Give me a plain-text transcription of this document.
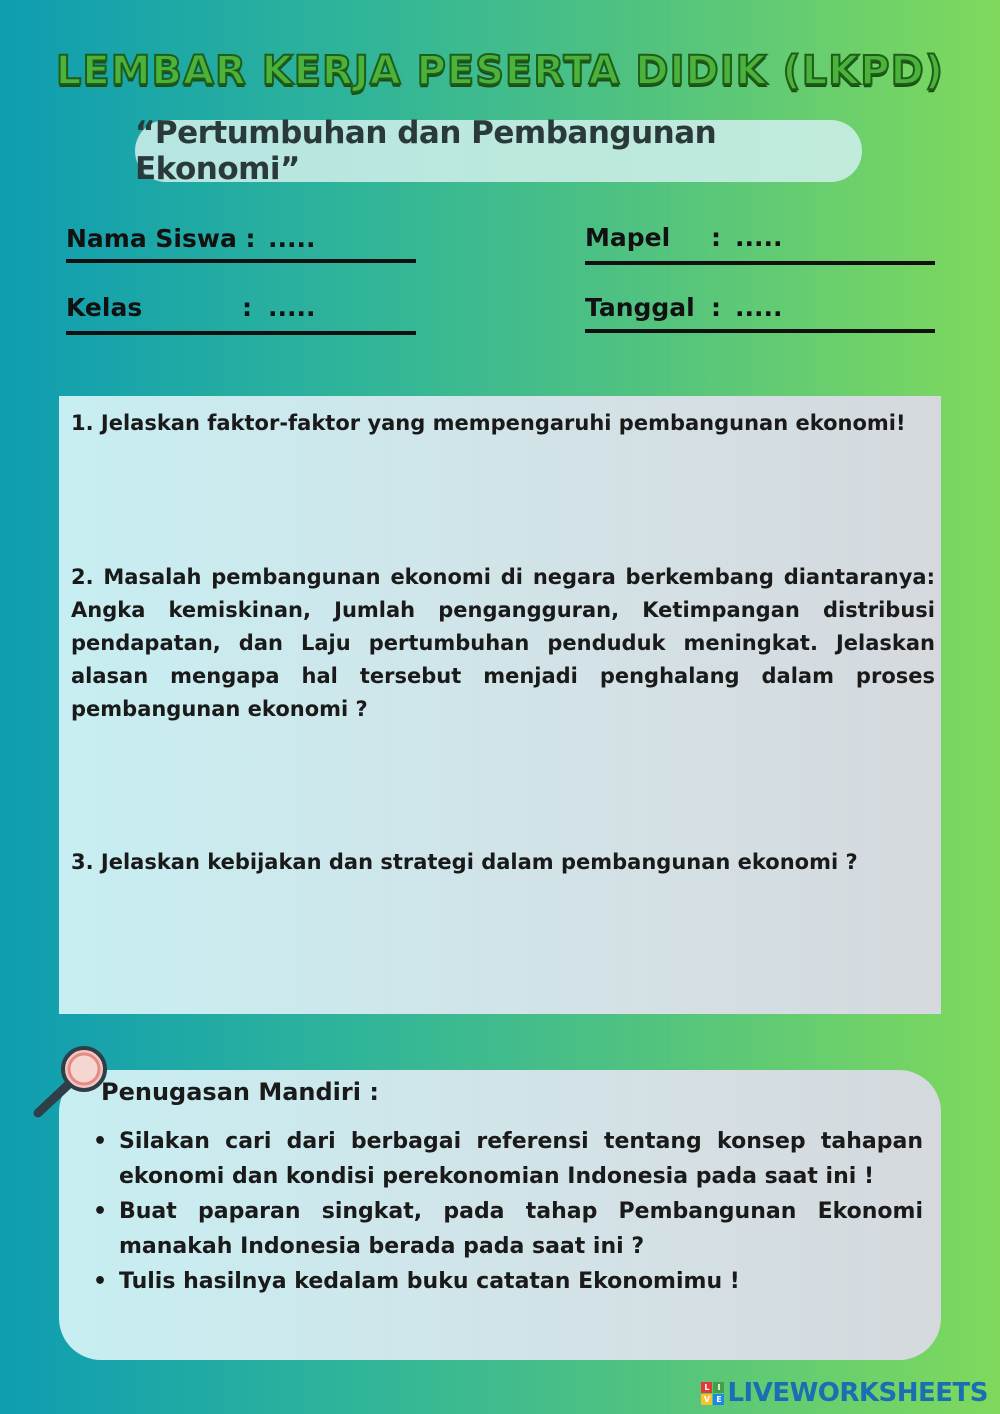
LEMBAR KERJA PESERTA DIDIK (LKPD)
“Pertumbuhan dan Pembangunan Ekonomi”
Nama Siswa : .....
Kelas	: .....
Mapel : .....
Tanggal : .....
1. Jelaskan faktor-faktor yang mempengaruhi pembangunan ekonomi!
2. Masalah pembangunan ekonomi di negara berkembang diantaranya: Angka kemiskinan, Jumlah pengangguran, Ketimpangan distribusi pendapatan, dan Laju pertumbuhan penduduk meningkat. Jelaskan alasan mengapa hal tersebut menjadi penghalang dalam proses pembangunan ekonomi ?
3. Jelaskan kebijakan dan strategi dalam pembangunan ekonomi ?
Penugasan Mandiri :
• Silakan cari dari berbagai referensi tentang konsep tahapan ekonomi dan kondisi perekonomian Indonesia pada saat ini !
• Buat paparan singkat, pada tahap Pembangunan Ekonomi manakah Indonesia berada pada saat ini ?
• Tulis hasilnya kedalam buku catatan Ekonomimu !
L I
V E LIVEWORKSHEETS
